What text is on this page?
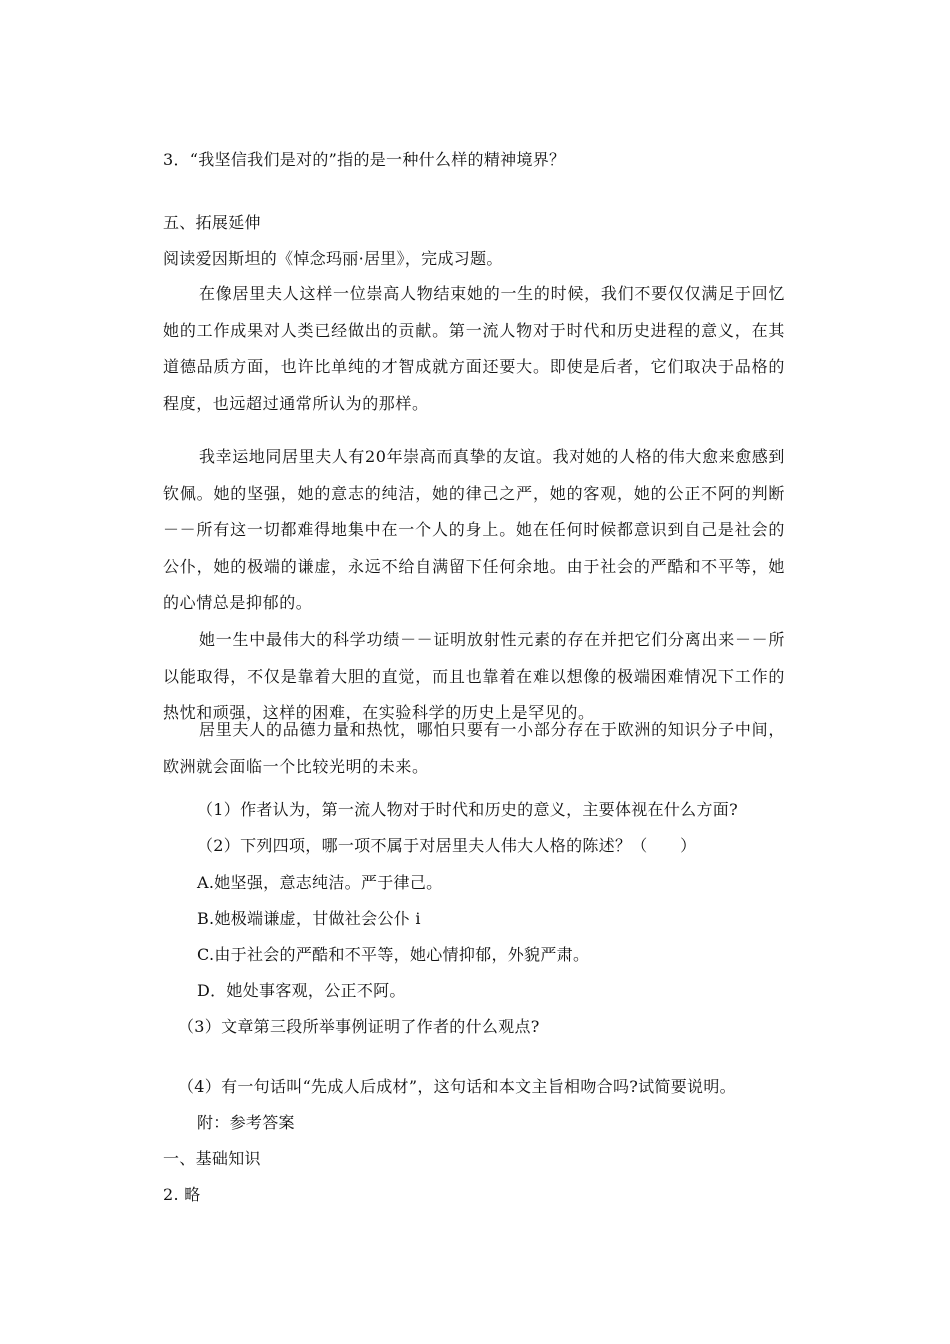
3．“我坚信我们是对的”指的是一种什么样的精神境界？
五、拓展延伸
阅读爱因斯坦的《悼念玛丽·居里》，完成习题。
在像居里夫人这样一位崇高人物结束她的一生的时候，我们不要仅仅满足于回忆她的工作成果对人类已经做出的贡献。第一流人物对于时代和历史进程的意义，在其道德品质方面，也许比单纯的才智成就方面还要大。即使是后者，它们取决于品格的程度，也远超过通常所认为的那样。
我幸运地同居里夫人有20年崇高而真挚的友谊。我对她的人格的伟大愈来愈感到钦佩。她的坚强，她的意志的纯洁，她的律己之严，她的客观，她的公正不阿的判断－－所有这一切都难得地集中在一个人的身上。她在任何时候都意识到自己是社会的公仆，她的极端的谦虚，永远不给自满留下任何余地。由于社会的严酷和不平等，她的心情总是抑郁的。
她一生中最伟大的科学功绩－－证明放射性元素的存在并把它们分离出来－－所以能取得，不仅是靠着大胆的直觉，而且也靠着在难以想像的极端困难情况下工作的热忱和顽强，这样的困难，在实验科学的历史上是罕见的。
居里夫人的品德力量和热忱，哪怕只要有一小部分存在于欧洲的知识分子中间，欧洲就会面临一个比较光明的未来。
（1）作者认为，第一流人物对于时代和历史的意义，主要体视在什么方面?
（2）下列四项，哪一项不属于对居里夫人伟大人格的陈述？（　　）
A.她坚强，意志纯洁。严于律己。
B.她极端谦虚，甘做社会公仆 i
C.由于社会的严酷和不平等，她心情抑郁，外貌严肃。
D．她处事客观，公正不阿。
（3）文章第三段所举事例证明了作者的什么观点?
（4）有一句话叫“先成人后成材”，这句话和本文主旨相吻合吗?试简要说明。
附：参考答案
一、基础知识
2. 略
